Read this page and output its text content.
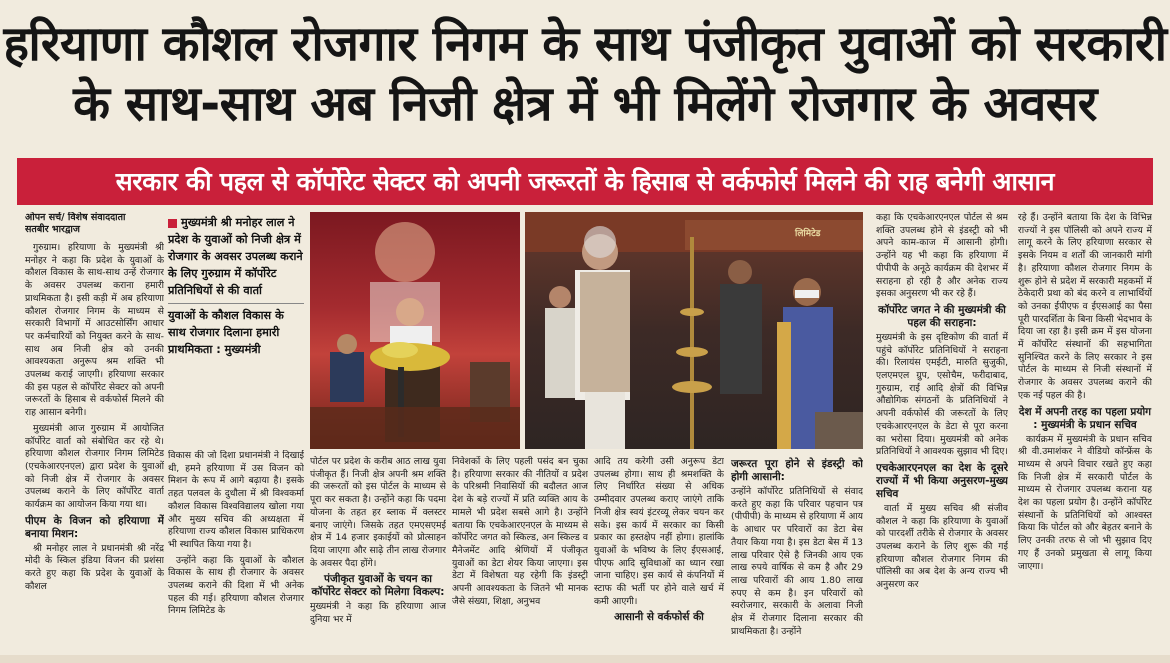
हरियाणा कौशल रोजगार निगम के साथ पंजीकृत युवाओं को सरकारी
के साथ-साथ अब निजी क्षेत्र में भी मिलेंगे रोजगार के अवसर
सरकार की पहल से कॉर्पोरेट सेक्टर को अपनी जरूरतों के हिसाब से वर्कफोर्स मिलने की राह बनेगी आसान
ओपन सर्च/ विशेष संवाददाता
सतबीर भारद्वाज

गुरुग्राम। हरियाणा के मुख्यमंत्री श्री मनोहर ने कहा कि प्रदेश के युवाओं के कौशल विकास के साथ-साथ उन्हें रोजगार के अवसर उपलब्ध कराना हमारी प्राथमिकता है। इसी कड़ी में अब हरियाणा कौशल रोजगार निगम के माध्यम से सरकारी विभागों में आउटसोर्सिंग आधार पर कर्मचारियों को नियुक्त करने के साथ-साथ अब निजी क्षेत्र को उनकी आवश्यकता अनुरूप श्रम शक्ति भी उपलब्ध कराई जाएगी। हरियाणा सरकार की इस पहल से कॉर्पोरेट सेक्टर को अपनी जरूरतों के हिसाब से वर्कफोर्स मिलने की राह आसान बनेगी।

मुख्यमंत्री आज गुरुग्राम में आयोजित कॉर्पोरेट वार्ता को संबोधित कर रहे थे। हरियाणा कौशल रोजगार निगम लिमिटेड (एचकेआरएनएल) द्वारा प्रदेश के युवाओं को निजी क्षेत्र में रोजगार के अवसर उपलब्ध कराने के लिए कॉर्पोरेट वार्ता कार्यक्रम का आयोजन किया गया था।

पीएम के विजन को हरियाणा में बनाया मिशन:

श्री मनोहर लाल ने प्रधानमंत्री श्री नरेंद्र मोदी के स्किल इंडिया विजन की प्रशंसा करते हुए कहा कि प्रदेश के युवाओं के कौशल

मुख्यमंत्री श्री मनोहर लाल ने प्रदेश के युवाओं को निजी क्षेत्र में रोजगार के अवसर उपलब्ध कराने के लिए गुरुग्राम में कॉर्पोरेट प्रतिनिधियों से की वार्ता
युवाओं के कौशल विकास के साथ रोजगार दिलाना हमारी प्राथमिकता : मुख्यमंत्री

विकास की जो दिशा प्रधानमंत्री ने दिखाई थी, हमने हरियाणा में उस विजन को मिशन के रूप में आगे बढ़ाया है। इसके तहत पलवल के दुधौला में श्री विश्वकर्मा कौशल विकास विश्वविद्यालय खोला गया और मुख्य सचिव की अध्यक्षता में हरियाणा राज्य कौशल विकास प्राधिकरण भी स्थापित किया गया है।

उन्होंने कहा कि युवाओं के कौशल विकास के साथ ही रोजगार के अवसर उपलब्ध कराने की दिशा में भी अनेक पहल की गई। हरियाणा कौशल रोजगार निगम लिमिटेड के

लिमिटेड

पोर्टल पर प्रदेश के करीब आठ लाख युवा पंजीकृत हैं। निजी क्षेत्र अपनी श्रम शक्ति की जरूरतों को इस पोर्टल के माध्यम से पूरा कर सकता है। उन्होंने कहा कि पदमा योजना के तहत हर ब्लाक में क्लस्टर बनाए जाएंगे। जिसके तहत एमएसएमई क्षेत्र में 14 हजार इकाईयों को प्रोत्साहन दिया जाएगा और साढ़े तीन लाख रोजगार के अवसर पैदा होंगे।

पंजीकृत युवाओं के चयन का कॉर्पोरेट सेक्टर को मिलेगा विकल्प:

मुख्यमंत्री ने कहा कि हरियाणा आज दुनिया भर में

निवेशकों के लिए पहली पसंद बन चुका है। हरियाणा सरकार की नीतियों व प्रदेश के परिश्रमी निवासियों की बदौलत आज देश के बड़े राज्यों में प्रति व्यक्ति आय के मामले भी प्रदेश सबसे आगे है। उन्होंने बताया कि एचकेआरएनएल के माध्यम से कॉर्पोरेट जगत को स्किल्ड, अन स्किल्ड व मैनेजमेंट आदि श्रेणियों में पंजीकृत युवाओं का डेटा शेयर किया जाएगा। इस डेटा में विशेषता यह रहेगी कि इंडस्ट्री अपनी आवश्यकता के जितने भी मानक जैसे संख्या, शिक्षा, अनुभव

आदि तय करेगी उसी अनुरूप डेटा उपलब्ध होगा। साथ ही श्रमशक्ति के लिए निर्धारित संख्या से अधिक उम्मीदवार उपलब्ध कराए जाएंगे ताकि निजी क्षेत्र स्वयं इंटरव्यू लेकर चयन कर सके। इस कार्य में सरकार का किसी प्रकार का हस्तक्षेप नहीं होगा। हालांकि युवाओं के भविष्य के लिए ईएसआई, पीएफ आदि सुविधाओं का ध्यान रखा जाना चाहिए। इस कार्य से कंपनियों में स्टाफ की भर्ती पर होने वाले खर्च में कमी आएगी।

आसानी से वर्कफोर्स की
जरूरत पूरा होने से इंडस्ट्री को होगी आसानी:

उन्होंने कॉर्पोरेट प्रतिनिधियों से संवाद करते हुए कहा कि परिवार पहचान पत्र (पीपीपी) के माध्यम से हरियाणा में आय के आधार पर परिवारों का डेटा बेस तैयार किया गया है। इस डेटा बेस में 13 लाख परिवार ऐसे है जिनकी आय एक लाख रुपये वार्षिक से कम है और 29 लाख परिवारों की आय 1.80 लाख रुपए से कम है। इन परिवारों को स्वरोजगार, सरकारी के अलावा निजी क्षेत्र में रोजगार दिलाना सरकार की प्राथमिकता है। उन्होंने

कहा कि एचकेआरएनएल पोर्टल से श्रम शक्ति उपलब्ध होने से इंडस्ट्री को भी अपने काम-काज में आसानी होगी। उन्होंने यह भी कहा कि हरियाणा में पीपीपी के अनूठे कार्यक्रम की देशभर में सराहना हो रही है और अनेक राज्य इसका अनुसरण भी कर रहे हैं।

कॉर्पोरेट जगत ने की मुख्यमंत्री की पहल की सराहना:

मुख्यमंत्री के इस दृष्टिकोण की वार्ता में पहुंचे कॉर्पोरेट प्रतिनिधियों ने सराहना की। रिलायंस एमईटी, मारुति सुजुकी, एलएमएल ग्रुप, एसोचैम, फरीदाबाद, गुरुग्राम, राई आदि क्षेत्रों की विभिन्न औद्योगिक संगठनों के प्रतिनिधियों ने अपनी वर्कफोर्स की जरूरतों के लिए एचकेआरएनएल के डेटा से पूरा करना का भरोसा दिया। मुख्यमंत्री को अनेक प्रतिनिधियों ने आवश्यक सुझाव भी दिए।

एचकेआरएनएल का देश के दूसरे राज्यों में भी किया अनुसरण-मुख्य सचिव

वार्ता में मुख्य सचिव श्री संजीव कौशल ने कहा कि हरियाणा के युवाओं को पारदर्शी तरीके से रोजगार के अवसर उपलब्ध कराने के लिए शुरू की गई हरियाणा कौशल रोजगार निगम की पॉलिसी का अब देश के अन्य राज्य भी अनुसरण कर

रहे हैं। उन्होंने बताया कि देश के विभिन्न राज्यों ने इस पॉलिसी को अपने राज्य में लागू करने के लिए हरियाणा सरकार से इसके नियम व शर्तों की जानकारी मांगी है। हरियाणा कौशल रोजगार निगम के शुरू होने से प्रदेश में सरकारी महकमों में ठेकेदारी प्रथा को बंद करने व लाभार्थियों को उनका ईपीएफ व ईएसआई का पैसा पूरी पारदर्शिता के बिना किसी भेदभाव के दिया जा रहा है। इसी क्रम में इस योजना में कॉर्पोरेट संस्थानों की सहभागिता सुनिश्चित करने के लिए सरकार ने इस पोर्टल के माध्यम से निजी संस्थानों में रोजगार के अवसर उपलब्ध कराने की एक नई पहल की है।

देश में अपनी तरह का पहला प्रयोग : मुख्यमंत्री के प्रधान सचिव

कार्यक्रम में मुख्यमंत्री के प्रधान सचिव श्री वी.उमाशंकर ने वीडियो कॉन्फ्रेंस के माध्यम से अपने विचार रखते हुए कहा कि निजी क्षेत्र में सरकारी पोर्टल के माध्यम से रोजगार उपलब्ध कराना यह देश का पहला प्रयोग है। उन्होंने कॉर्पोरेट संस्थानों के प्रतिनिधियों को आश्वस्त किया कि पोर्टल को और बेहतर बनाने के लिए उनकी तरफ से जो भी सुझाव दिए गए हैं उनको प्रमुखता से लागू किया जाएगा।
